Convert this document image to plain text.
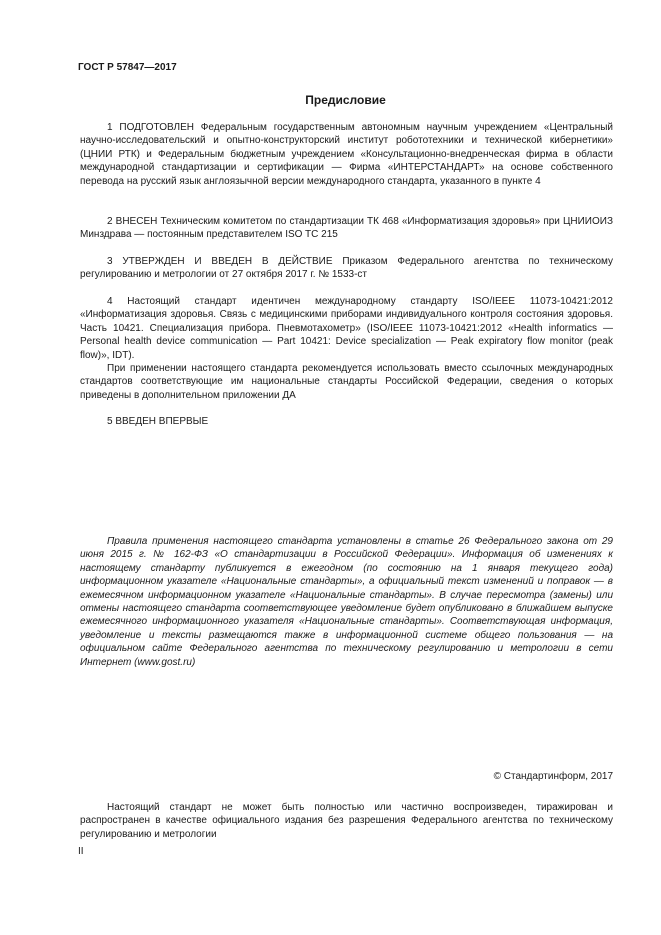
ГОСТ Р 57847—2017
Предисловие

1 ПОДГОТОВЛЕН Федеральным государственным автономным научным учреждением «Центральный научно-исследовательский и опытно-конструкторский институт робототехники и технической кибернетики» (ЦНИИ РТК) и Федеральным бюджетным учреждением «Консультационно-внедренческая фирма в области международной стандартизации и сертификации — Фирма «ИНТЕРСТАНДАРТ» на основе собственного перевода на русский язык англоязычной версии международного стандарта, указанного в пункте 4

2 ВНЕСЕН Техническим комитетом по стандартизации ТК 468 «Информатизация здоровья» при ЦНИИОИЗ Минздрава — постоянным представителем ISO TC 215

3 УТВЕРЖДЕН И ВВЕДЕН В ДЕЙСТВИЕ Приказом Федерального агентства по техническому регулированию и метрологии от 27 октября 2017 г. № 1533-ст

4 Настоящий стандарт идентичен международному стандарту ISO/IEEE 11073-10421:2012 «Информатизация здоровья. Связь с медицинскими приборами индивидуального контроля состояния здоровья. Часть 10421. Специализация прибора. Пневмотахометр» (ISO/IEEE 11073-10421:2012 «Health informatics — Personal health device communication — Part 10421: Device specialization — Peak expiratory flow monitor (peak flow)», IDT).

При применении настоящего стандарта рекомендуется использовать вместо ссылочных международных стандартов соответствующие им национальные стандарты Российской Федерации, сведения о которых приведены в дополнительном приложении ДА

5 ВВЕДЕН ВПЕРВЫЕ

Правила применения настоящего стандарта установлены в статье 26 Федерального закона от 29 июня 2015 г. № 162-ФЗ «О стандартизации в Российской Федерации». Информация об изменениях к настоящему стандарту публикуется в ежегодном (по состоянию на 1 января текущего года) информационном указателе «Национальные стандарты», а официальный текст изменений и поправок — в ежемесячном информационном указателе «Национальные стандарты». В случае пересмотра (замены) или отмены настоящего стандарта соответствующее уведомление будет опубликовано в ближайшем выпуске ежемесячного информационного указателя «Национальные стандарты». Соответствующая информация, уведомление и тексты размещаются также в информационной системе общего пользования — на официальном сайте Федерального агентства по техническому регулированию и метрологии в сети Интернет (www.gost.ru)

© Стандартинформ, 2017

Настоящий стандарт не может быть полностью или частично воспроизведен, тиражирован и распространен в качестве официального издания без разрешения Федерального агентства по техническому регулированию и метрологии

II
